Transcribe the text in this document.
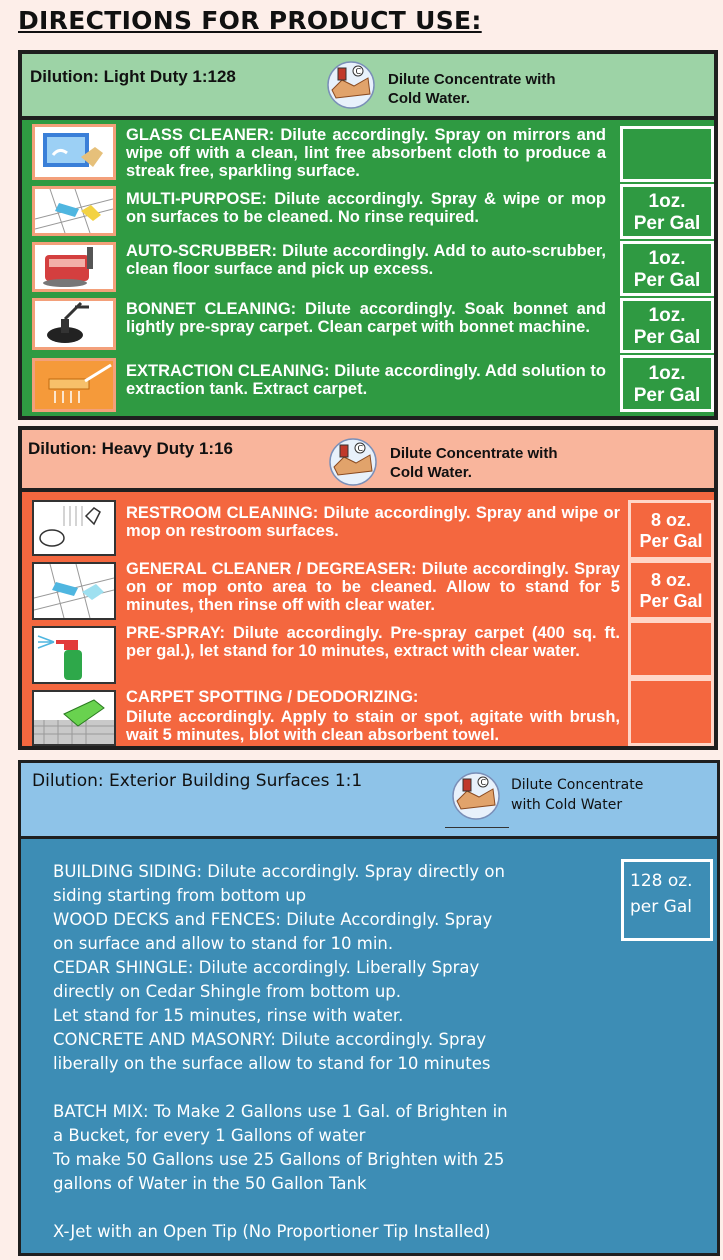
DIRECTIONS FOR PRODUCT USE:
Dilution: Light Duty 1:128	C Dilute Concentrate with
Cold Water.
GLASS CLEANER: Dilute accordingly. Spray on mirrors and wipe off with a clean, lint free absorbent cloth to produce a streak free, sparkling surface.
MULTI-PURPOSE: Dilute accordingly. Spray & wipe or mop on surfaces to be cleaned. No rinse required.
1oz.
Per Gal
AUTO-SCRUBBER: Dilute accordingly. Add to auto-scrubber, clean floor surface and pick up excess.	1oz.
Per Gal
BONNET CLEANING: Dilute accordingly. Soak bonnet and lightly pre-spray carpet. Clean carpet with bonnet machine.
1oz.
Per Gal
EXTRACTION CLEANING: Dilute accordingly. Add solution to extraction tank. Extract carpet.
1oz.
Per Gal
Dilution: Heavy Duty 1:16	C Dilute Concentrate with
Cold Water.
RESTROOM CLEANING: Dilute accordingly. Spray and wipe or mop on restroom surfaces.
8 oz.
Per Gal
GENERAL CLEANER / DEGREASER: Dilute accordingly. Spray on or mop onto area to be cleaned. Allow to stand for 5 minutes, then rinse off with clear water.
8 oz.
Per Gal
PRE-SPRAY: Dilute accordingly. Pre-spray carpet (400 sq. ft. per gal.), let stand for 10 minutes, extract with clear water.
CARPET SPOTTING / DEODORIZING:
Dilute accordingly. Apply to stain or spot, agitate with brush, wait 5 minutes, blot with clean absorbent towel.
Dilution: Exterior Building Surfaces 1:1	C Dilute Concentrate
with Cold Water
BUILDING SIDING: Dilute accordingly. Spray directly on
siding starting from bottom up
WOOD DECKS and FENCES: Dilute Accordingly. Spray
on surface and allow to stand for 10 min.
CEDAR SHINGLE: Dilute accordingly. Liberally Spray
directly on Cedar Shingle from bottom up.
Let stand for 15 minutes, rinse with water.
CONCRETE AND MASONRY: Dilute accordingly. Spray
liberally on the surface allow to stand for 10 minutes
BATCH MIX: To Make 2 Gallons use 1 Gal. of Brighten in
a Bucket, for every 1 Gallons of water
To make 50 Gallons use 25 Gallons of Brighten with 25
gallons of Water in the 50 Gallon Tank
X-Jet with an Open Tip (No Proportioner Tip Installed)
128 oz.
per Gal
